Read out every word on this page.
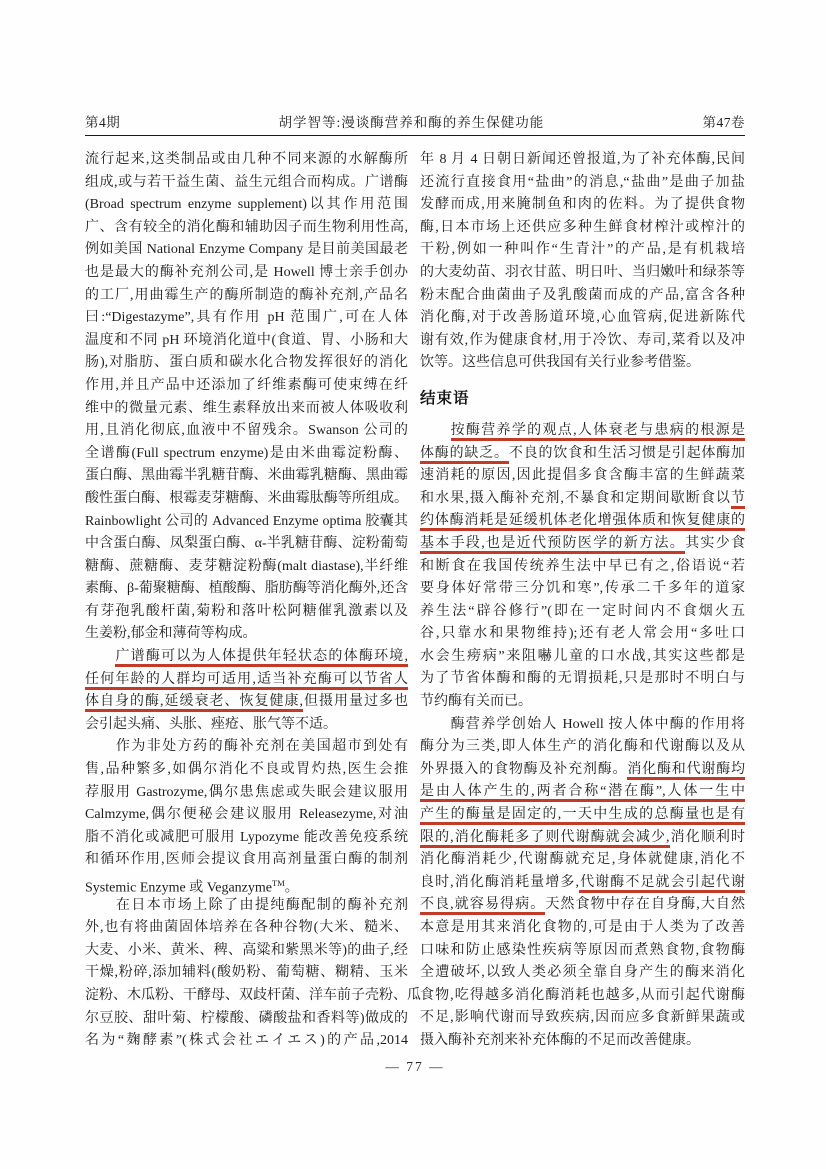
第4期	胡学智等:漫谈酶营养和酶的养生保健功能	第47卷
流行起来,这类制品或由几种不同来源的水解酶所
组成,或与若干益生菌、益生元组合而构成。广谱酶
(Broad spectrum enzyme supplement)以其作用范围
广、含有较全的消化酶和辅助因子而生物利用性高,
例如美国 National Enzyme Company 是目前美国最老
也是最大的酶补充剂公司,是 Howell 博士亲手创办
的工厂,用曲霉生产的酶所制造的酶补充剂,产品名
曰:“Digestazyme”,具有作用 pH 范围广,可在人体
温度和不同 pH 环境消化道中(食道、胃、小肠和大
肠),对脂肪、蛋白质和碳水化合物发挥很好的消化
作用,并且产品中还添加了纤维素酶可使束缚在纤
维中的微量元素、维生素释放出来而被人体吸收利
用,且消化彻底,血液中不留残余。Swanson 公司的
全谱酶(Full spectrum enzyme)是由米曲霉淀粉酶、
蛋白酶、黑曲霉半乳糖苷酶、米曲霉乳糖酶、黑曲霉
酸性蛋白酶、根霉麦芽糖酶、米曲霉肽酶等所组成。
Rainbowlight 公司的 Advanced Enzyme optima 胶囊其
中含蛋白酶、凤梨蛋白酶、α-半乳糖苷酶、淀粉葡萄
糖酶、蔗糖酶、麦芽糖淀粉酶(malt diastase),半纤维
素酶、β-葡聚糖酶、植酸酶、脂肪酶等消化酶外,还含
有芽孢乳酸杆菌,菊粉和落叶松阿糖催乳激素以及
生姜粉,郁金和薄荷等构成。
　　广谱酶可以为人体提供年轻状态的体酶环境,
任何年龄的人群均可适用,适当补充酶可以节省人
体自身的酶,延缓衰老、恢复健康,但摄用量过多也
会引起头痛、头胀、痤疮、胀气等不适。
　　作为非处方药的酶补充剂在美国超市到处有
售,品种繁多,如偶尔消化不良或胃灼热,医生会推
荐服用 Gastrozyme,偶尔患焦虑或失眠会建议服用
Calmzyme,偶尔便秘会建议服用 Releasezyme,对油
脂不消化或减肥可服用 Lypozyme 能改善免疫系统
和循环作用,医师会提议食用高剂量蛋白酶的制剂
Systemic Enzyme 或 Veganzyme™。
　　在日本市场上除了由提纯酶配制的酶补充剂
外,也有将曲菌固体培养在各种谷物(大米、糙米、
大麦、小米、黄米、稗、高粱和紫黑米等)的曲子,经
干燥,粉碎,添加辅料(酸奶粉、葡萄糖、糊精、玉米
淀粉、木瓜粉、干酵母、双歧杆菌、洋车前子壳粉、瓜
尔豆胶、甜叶菊、柠檬酸、磷酸盐和香料等)做成的
名为“麹酵素”(株式会社エイエス)的产品,2014
年 8 月 4 日朝日新闻还曾报道,为了补充体酶,民间
还流行直接食用“盐曲”的消息,“盐曲”是曲子加盐
发酵而成,用来腌制鱼和肉的佐料。为了提供食物
酶,日本市场上还供应多种生鲜食材榨汁或榨汁的
干粉,例如一种叫作“生青汁”的产品,是有机栽培
的大麦幼苗、羽衣甘蓝、明日叶、当归嫩叶和绿茶等
粉末配合曲菌曲子及乳酸菌而成的产品,富含各种
消化酶,对于改善肠道环境,心血管病,促进新陈代
谢有效,作为健康食材,用于冷饮、寿司,菜肴以及冲
饮等。这些信息可供我国有关行业参考借鉴。
结束语
　　按酶营养学的观点,人体衰老与患病的根源是
体酶的缺乏。不良的饮食和生活习惯是引起体酶加
速消耗的原因,因此提倡多食含酶丰富的生鲜蔬菜
和水果,摄入酶补充剂,不暴食和定期间歇断食以节
约体酶消耗是延缓机体老化增强体质和恢复健康的
基本手段,也是近代预防医学的新方法。其实少食
和断食在我国传统养生法中早已有之,俗语说“若
要身体好常带三分饥和寒”,传承二千多年的道家
养生法“辟谷修行”(即在一定时间内不食烟火五
谷,只靠水和果物维持);还有老人常会用“多吐口
水会生痨病”来阻嚇儿童的口水战,其实这些都是
为了节省体酶和酶的无谓损耗,只是那时不明白与
节约酶有关而已。
　　酶营养学创始人 Howell 按人体中酶的作用将
酶分为三类,即人体生产的消化酶和代谢酶以及从
外界摄入的食物酶及补充剂酶。消化酶和代谢酶均
是由人体产生的,两者合称“潜在酶”,人体一生中
产生的酶量是固定的,一天中生成的总酶量也是有
限的,消化酶耗多了则代谢酶就会减少,消化顺利时
消化酶消耗少,代谢酶就充足,身体就健康,消化不
良时,消化酶消耗量增多,代谢酶不足就会引起代谢
不良,就容易得病。天然食物中存在自身酶,大自然
本意是用其来消化食物的,可是由于人类为了改善
口味和防止感染性疾病等原因而煮熟食物,食物酶
全遭破坏,以致人类必须全靠自身产生的酶来消化
食物,吃得越多消化酶消耗也越多,从而引起代谢酶
不足,影响代谢而导致疾病,因而应多食新鲜果蔬或
摄入酶补充剂来补充体酶的不足而改善健康。
— 77 —
